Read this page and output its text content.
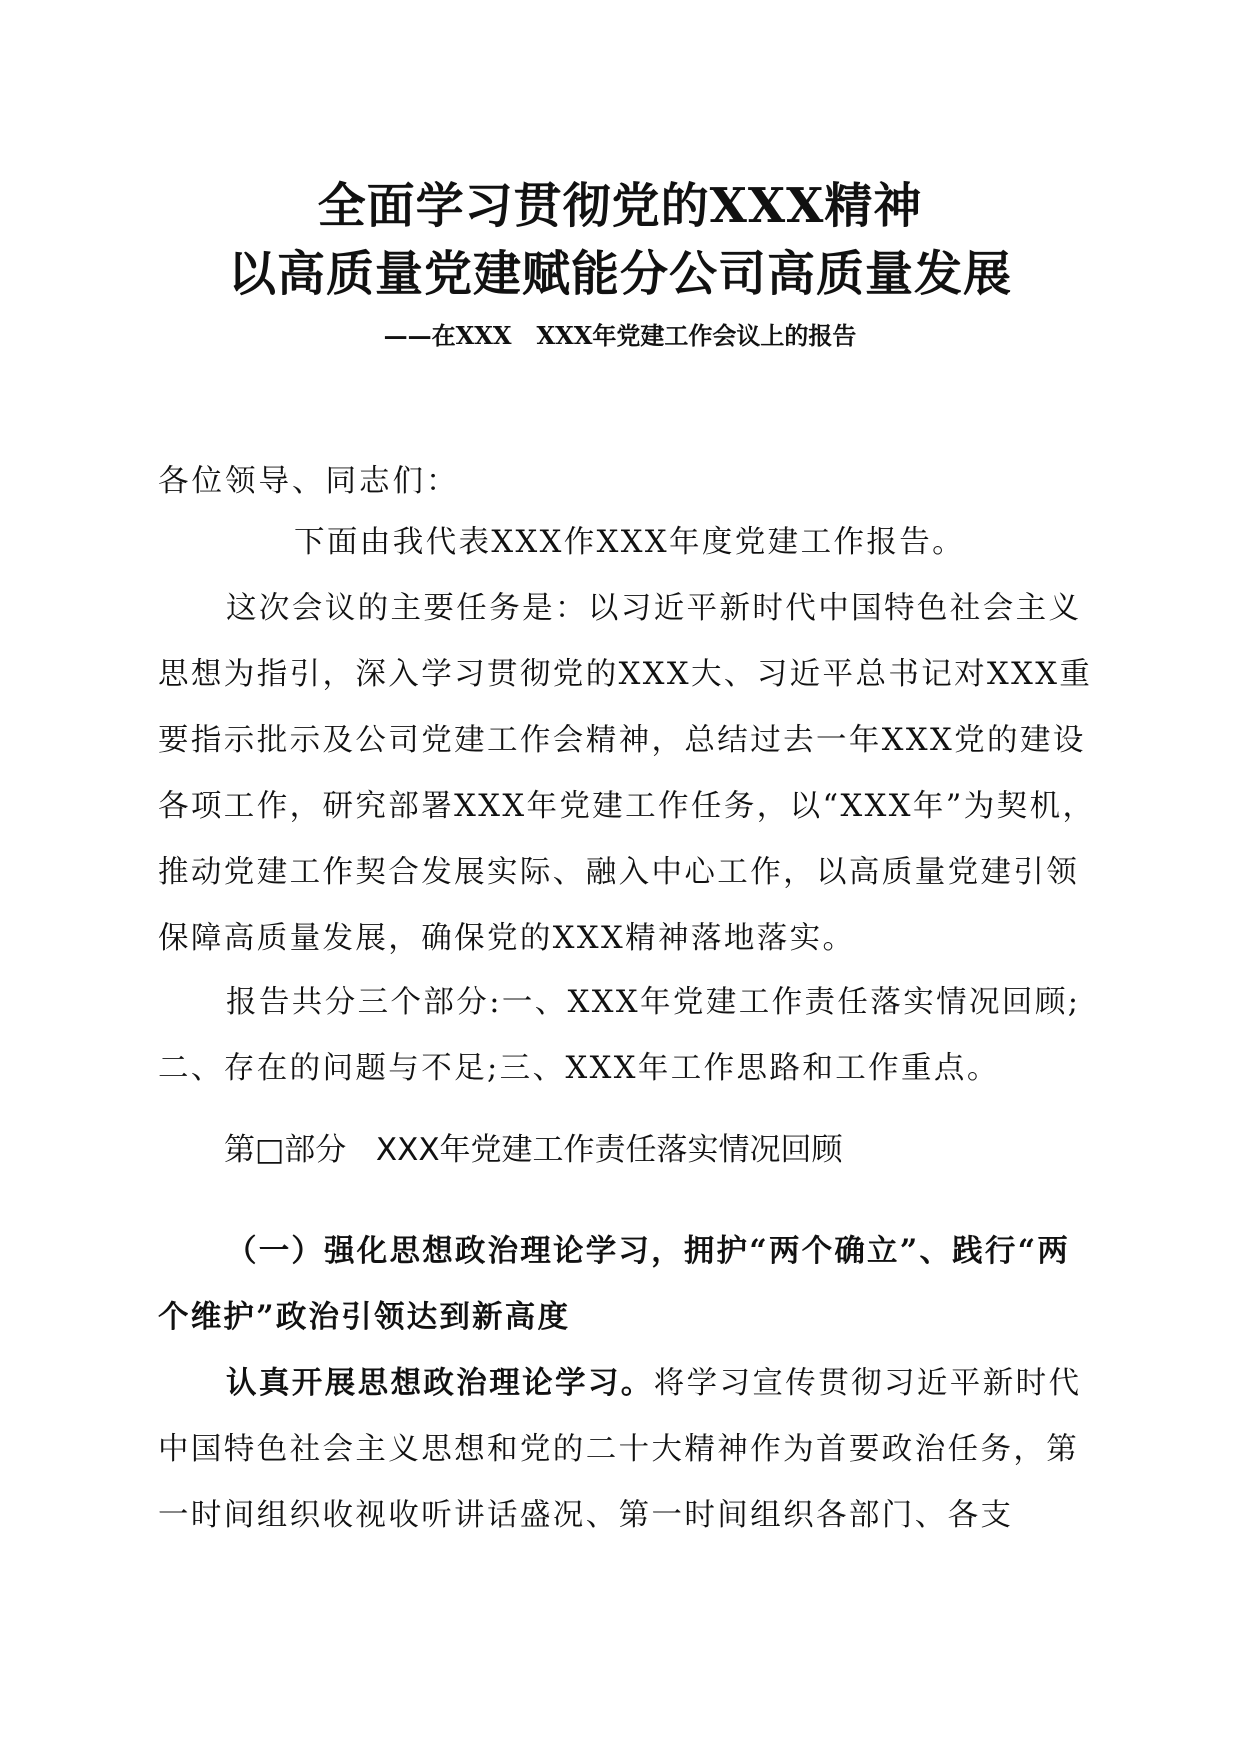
全面学习贯彻党的XXX精神
以高质量党建赋能分公司高质量发展
——在XXX   XXX年党建工作会议上的报告

各位领导、同志们：

下面由我代表XXX作XXX年度党建工作报告。

这次会议的主要任务是：以习近平新时代中国特色社会主义思想为指引，深入学习贯彻党的XXX大、习近平总书记对XXX重要指示批示及公司党建工作会精神，总结过去一年XXX党的建设各项工作，研究部署XXX年党建工作任务，以“XXX年”为契机，推动党建工作契合发展实际、融入中心工作，以高质量党建引领保障高质量发展，确保党的XXX精神落地落实。

报告共分三个部分:一、XXX年党建工作责任落实情况回顾;二、存在的问题与不足;三、XXX年工作思路和工作重点。

第□部分   XXX年党建工作责任落实情况回顾

（一）强化思想政治理论学习，拥护“两个确立”、践行“两个维护”政治引领达到新高度

认真开展思想政治理论学习。将学习宣传贯彻习近平新时代中国特色社会主义思想和党的二十大精神作为首要政治任务，第一时间组织收视收听讲话盛况、第一时间组织各部门、各支
